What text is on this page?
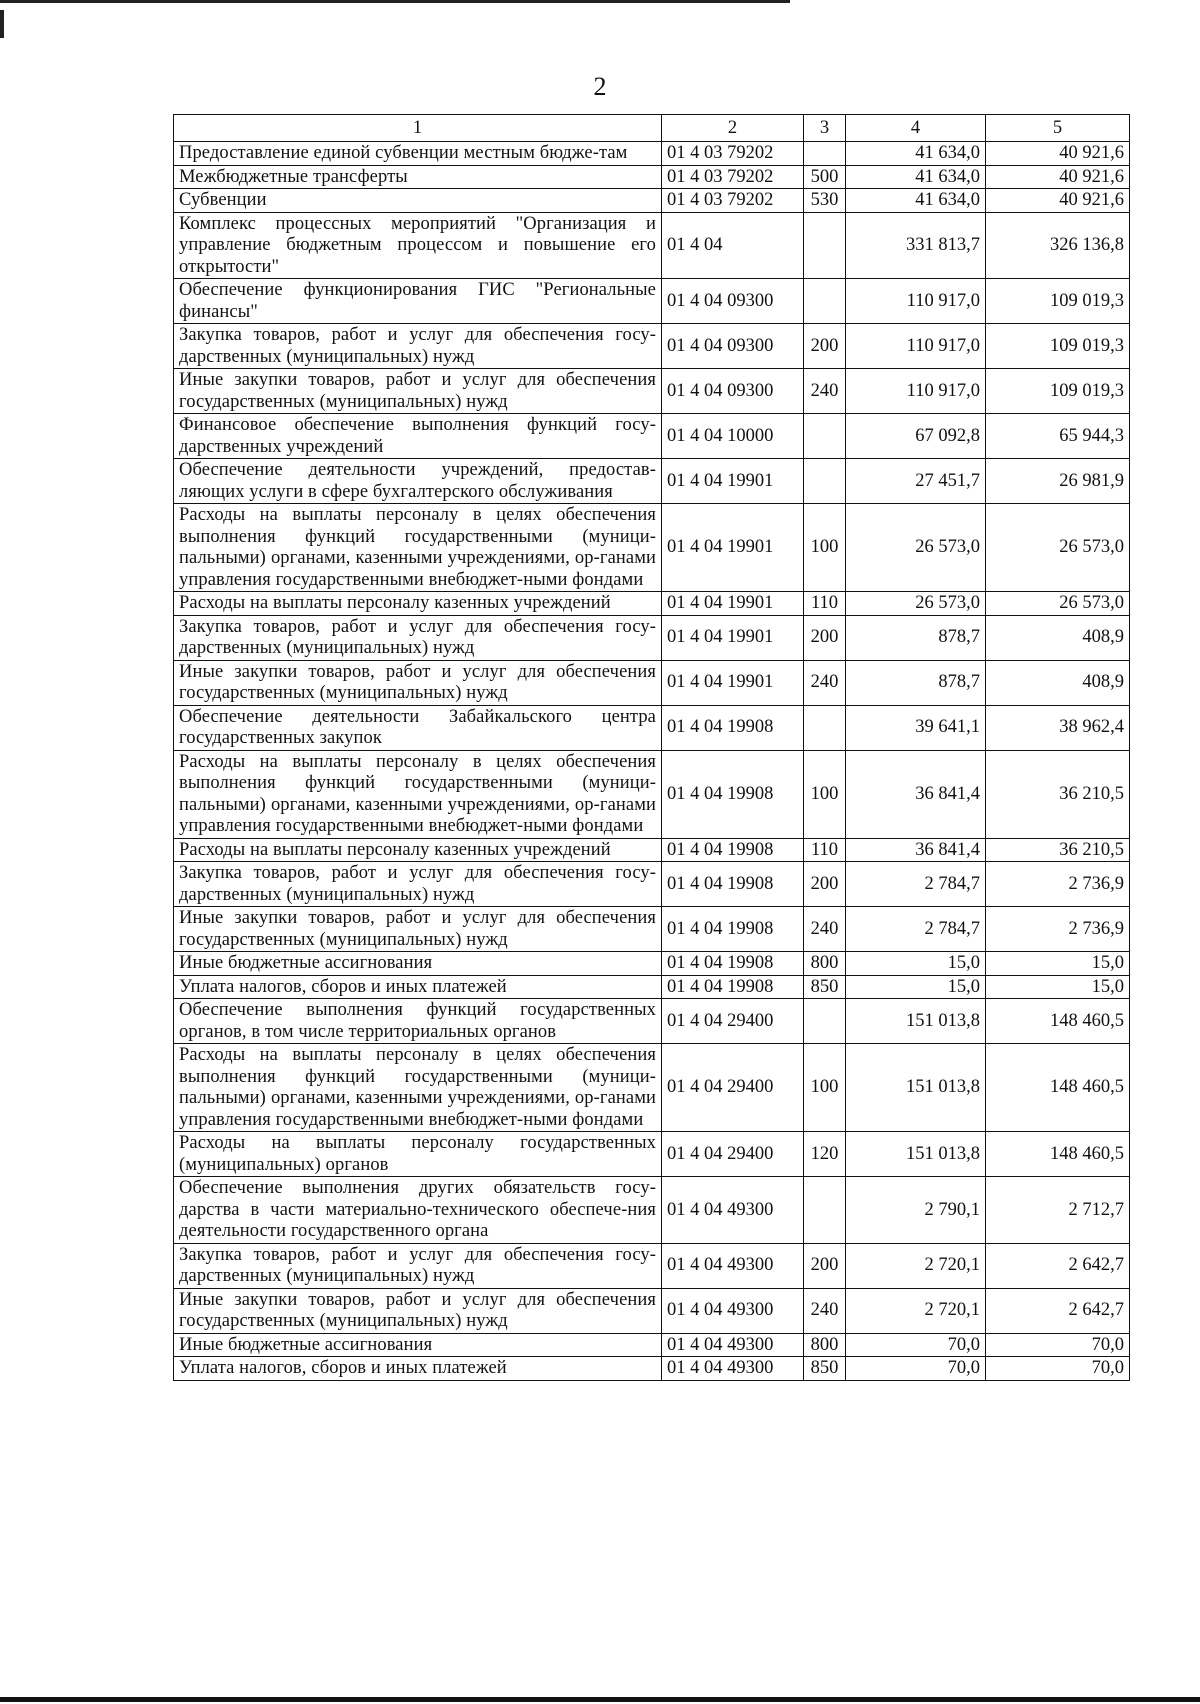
2
1	2	3	4	5
Предоставление единой субвенции местным бюдже-там	01 4 03 79202		41 634,0	40 921,6
Межбюджетные трансферты	01 4 03 79202	500	41 634,0	40 921,6
Субвенции	01 4 03 79202	530	41 634,0	40 921,6
Комплекс процессных мероприятий "Организация и управление бюджетным процессом и повышение его открытости"	01 4 04		331 813,7	326 136,8
Обеспечение функционирования ГИС "Региональные финансы"	01 4 04 09300		110 917,0	109 019,3
Закупка товаров, работ и услуг для обеспечения госу-дарственных (муниципальных) нужд	01 4 04 09300	200	110 917,0	109 019,3
Иные закупки товаров, работ и услуг для обеспечения государственных (муниципальных) нужд	01 4 04 09300	240	110 917,0	109 019,3
Финансовое обеспечение выполнения функций госу-дарственных учреждений	01 4 04 10000		67 092,8	65 944,3
Обеспечение деятельности учреждений, предостав-ляющих услуги в сфере бухгалтерского обслуживания	01 4 04 19901		27 451,7	26 981,9
Расходы на выплаты персоналу в целях обеспечения выполнения функций государственными (муници-пальными) органами, казенными учреждениями, ор-ганами управления государственными внебюджет-ными фондами	01 4 04 19901	100	26 573,0	26 573,0
Расходы на выплаты персоналу казенных учреждений	01 4 04 19901	110	26 573,0	26 573,0
Закупка товаров, работ и услуг для обеспечения госу-дарственных (муниципальных) нужд	01 4 04 19901	200	878,7	408,9
Иные закупки товаров, работ и услуг для обеспечения государственных (муниципальных) нужд	01 4 04 19901	240	878,7	408,9
Обеспечение деятельности Забайкальского центра государственных закупок	01 4 04 19908		39 641,1	38 962,4
Расходы на выплаты персоналу в целях обеспечения выполнения функций государственными (муници-пальными) органами, казенными учреждениями, ор-ганами управления государственными внебюджет-ными фондами	01 4 04 19908	100	36 841,4	36 210,5
Расходы на выплаты персоналу казенных учреждений	01 4 04 19908	110	36 841,4	36 210,5
Закупка товаров, работ и услуг для обеспечения госу-дарственных (муниципальных) нужд	01 4 04 19908	200	2 784,7	2 736,9
Иные закупки товаров, работ и услуг для обеспечения государственных (муниципальных) нужд	01 4 04 19908	240	2 784,7	2 736,9
Иные бюджетные ассигнования	01 4 04 19908	800	15,0	15,0
Уплата налогов, сборов и иных платежей	01 4 04 19908	850	15,0	15,0
Обеспечение выполнения функций государственных органов, в том числе территориальных органов	01 4 04 29400		151 013,8	148 460,5
Расходы на выплаты персоналу в целях обеспечения выполнения функций государственными (муници-пальными) органами, казенными учреждениями, ор-ганами управления государственными внебюджет-ными фондами	01 4 04 29400	100	151 013,8	148 460,5
Расходы на выплаты персоналу государственных (муниципальных) органов	01 4 04 29400	120	151 013,8	148 460,5
Обеспечение выполнения других обязательств госу-дарства в части материально-технического обеспече-ния деятельности государственного органа	01 4 04 49300		2 790,1	2 712,7
Закупка товаров, работ и услуг для обеспечения госу-дарственных (муниципальных) нужд	01 4 04 49300	200	2 720,1	2 642,7
Иные закупки товаров, работ и услуг для обеспечения государственных (муниципальных) нужд	01 4 04 49300	240	2 720,1	2 642,7
Иные бюджетные ассигнования	01 4 04 49300	800	70,0	70,0
Уплата налогов, сборов и иных платежей	01 4 04 49300	850	70,0	70,0
